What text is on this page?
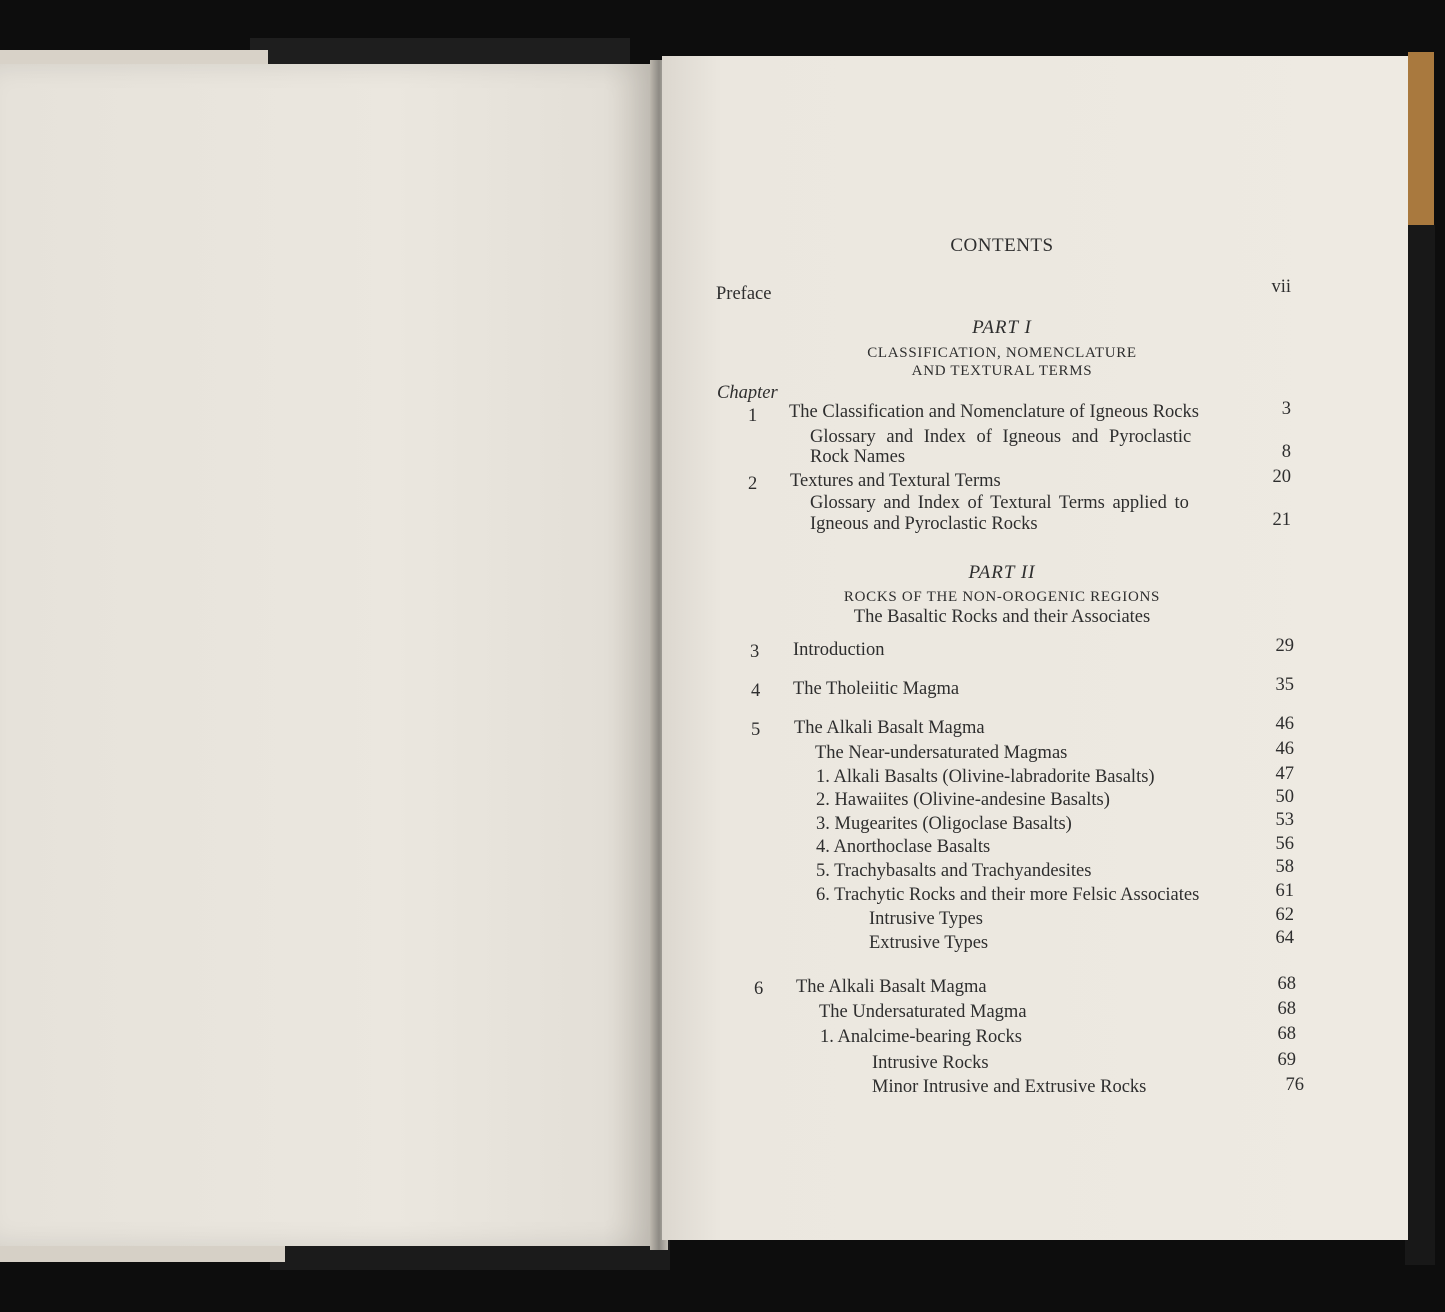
CONTENTS
Preface	vii
PART I
CLASSIFICATION, NOMENCLATURE
AND TEXTURAL TERMS
Chapter
1 The Classification and Nomenclature of Igneous Rocks	3
Glossary and Index of Igneous and Pyroclastic
Rock Names	8
2 Textures and Textural Terms	20
Glossary and Index of Textural Terms applied to
Igneous and Pyroclastic Rocks	21
PART II
ROCKS OF THE NON-OROGENIC REGIONS
The Basaltic Rocks and their Associates
3 Introduction	29
4 The Tholeiitic Magma	35
5 The Alkali Basalt Magma	46
The Near-undersaturated Magmas	46
1. Alkali Basalts (Olivine-labradorite Basalts)	47
2. Hawaiites (Olivine-andesine Basalts)	50
3. Mugearites (Oligoclase Basalts)	53
4. Anorthoclase Basalts	56
5. Trachybasalts and Trachyandesites	58
6. Trachytic Rocks and their more Felsic Associates	61
Intrusive Types	62
Extrusive Types	64
6 The Alkali Basalt Magma	68
The Undersaturated Magma	68
1. Analcime-bearing Rocks	68
Intrusive Rocks	69
Minor Intrusive and Extrusive Rocks	76
